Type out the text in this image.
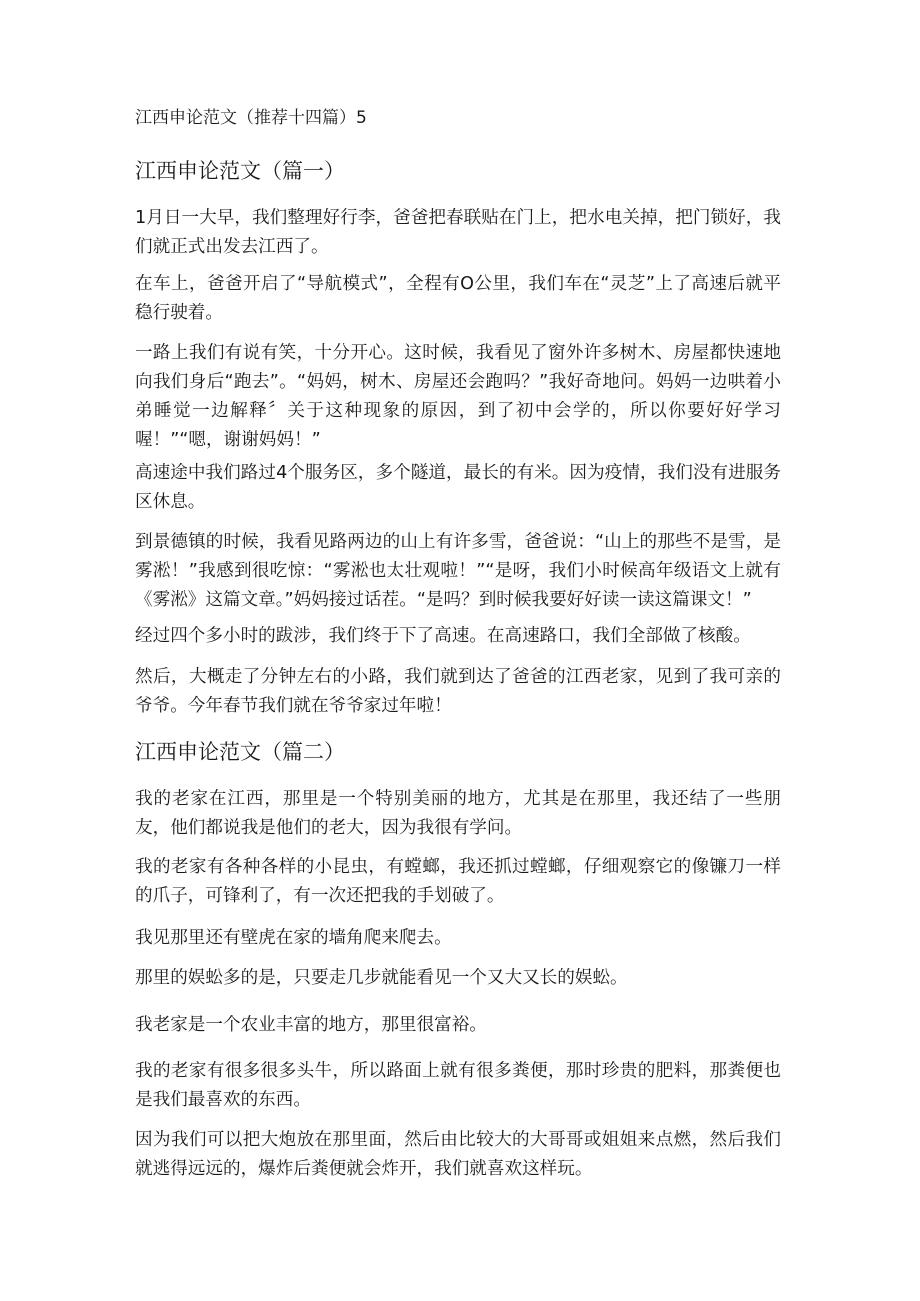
江西申论范文（推荐十四篇）5
江西申论范文（篇一）

1月日一大早，我们整理好行李，爸爸把春联贴在门上，把水电关掉，把门锁好，我们就正式出发去江西了。

在车上，爸爸开启了“导航模式”，全程有O公里，我们车在“灵芝”上了高速后就平稳行驶着。

一路上我们有说有笑，十分开心。这时候，我看见了窗外许多树木、房屋都快速地向我们身后“跑去”。“妈妈，树木、房屋还会跑吗？”我好奇地问。妈妈一边哄着小弟睡觉一边解释〞关于这种现象的原因，到了初中会学的，所以你要好好学习喔！”“嗯，谢谢妈妈！”

高速途中我们路过4个服务区，多个隧道，最长的有米。因为疫情，我们没有进服务区休息。

到景德镇的时候，我看见路两边的山上有许多雪，爸爸说：“山上的那些不是雪，是雾淞！”我感到很吃惊：“雾淞也太壮观啦！”“是呀，我们小时候高年级语文上就有《雾淞》这篇文章。”妈妈接过话茬。“是吗？到时候我要好好读一读这篇课文！”

经过四个多小时的跋涉，我们终于下了高速。在高速路口，我们全部做了核酸。

然后，大概走了分钟左右的小路，我们就到达了爸爸的江西老家，见到了我可亲的爷爷。今年春节我们就在爷爷家过年啦！

江西申论范文（篇二）

我的老家在江西，那里是一个特别美丽的地方，尤其是在那里，我还结了一些朋友，他们都说我是他们的老大，因为我很有学问。

我的老家有各种各样的小昆虫，有螳螂，我还抓过螳螂，仔细观察它的像镰刀一样的爪子，可锋利了，有一次还把我的手划破了。

我见那里还有壁虎在家的墙角爬来爬去。

那里的娱蚣多的是，只要走几步就能看见一个又大又长的娱蚣。

我老家是一个农业丰富的地方，那里很富裕。

我的老家有很多很多头牛，所以路面上就有很多粪便，那时珍贵的肥料，那粪便也是我们最喜欢的东西。

因为我们可以把大炮放在那里面，然后由比较大的大哥哥或姐姐来点燃，然后我们就逃得远远的，爆炸后粪便就会炸开，我们就喜欢这样玩。
